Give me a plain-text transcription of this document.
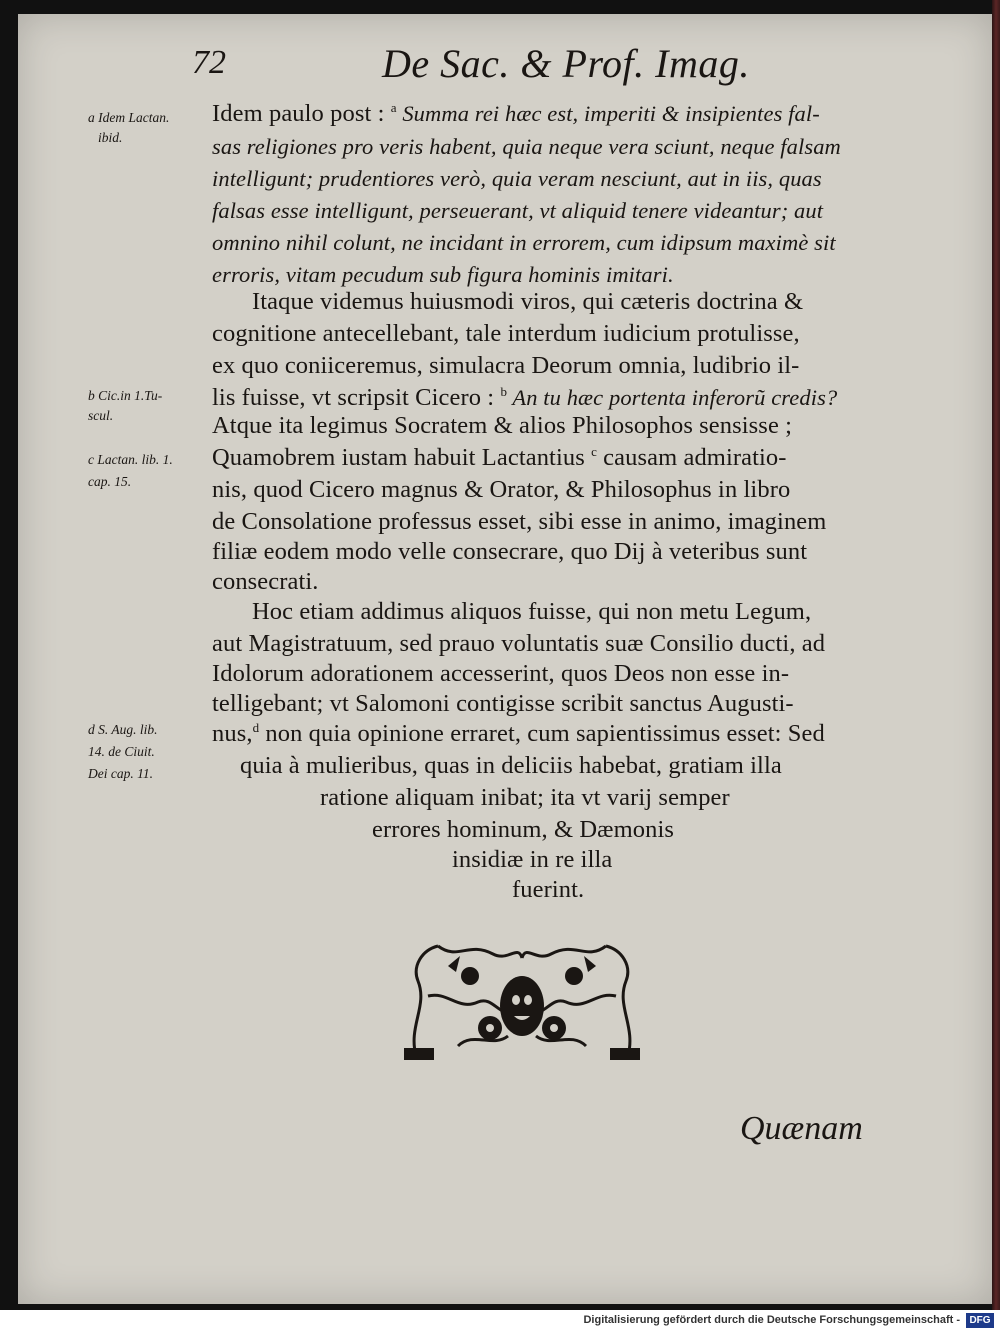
72	De Sac. & Prof. Imag.
a Idem Lactan.
ibid.
b Cic.in 1.Tu-
scul.
c Lactan. lib. 1.
cap. 15.
d S. Aug. lib.
14. de Ciuit.
Dei cap. 11.
Idem paulo post : $^a$ Summa rei hæc est, imperiti & insipientes fal-
sas religiones pro veris habent, quia neque vera sciunt, neque falsam
intelligunt; prudentiores verò, quia veram nesciunt, aut in iis, quas
falsas esse intelligunt, perseuerant, vt aliquid tenere videantur; aut
omnino nihil colunt, ne incidant in errorem, cum idipsum maximè sit
erroris, vitam pecudum sub figura hominis imitari.
Itaque videmus huiusmodi viros, qui cæteris doctrina &
cognitione antecellebant, tale interdum iudicium protulisse,
ex quo coniiceremus, simulacra Deorum omnia, ludibrio il-
lis fuisse, vt scripsit Cicero : $^b$ An tu hæc portenta inferorũ credis?
Atque ita legimus Socratem & alios Philosophos sensisse ;
Quamobrem iustam habuit Lactantius $^c$ causam admiratio-
nis, quod Cicero magnus & Orator, & Philosophus in libro
de Consolatione professus esset, sibi esse in animo, imaginem
filiæ eodem modo velle consecrare, quo Dij à veteribus sunt
consecrati.
Hoc etiam addimus aliquos fuisse, qui non metu Legum,
aut Magistratuum, sed prauo voluntatis suæ Consilio ducti, ad
Idolorum adorationem accesserint, quos Deos non esse in-
telligebant; vt Salomoni contigisse scribit sanctus Augusti-
nus,$^d$ non quia opinione erraret, cum sapientissimus esset: Sed
quia à mulieribus, quas in deliciis habebat, gratiam illa
ratione aliquam inibat; ita vt varij semper
errores hominum, & Dæmonis
insidiæ in re illa
fuerint.
Quænam
Digitalisierung gefördert durch die Deutsche Forschungsgemeinschaft - DFG
